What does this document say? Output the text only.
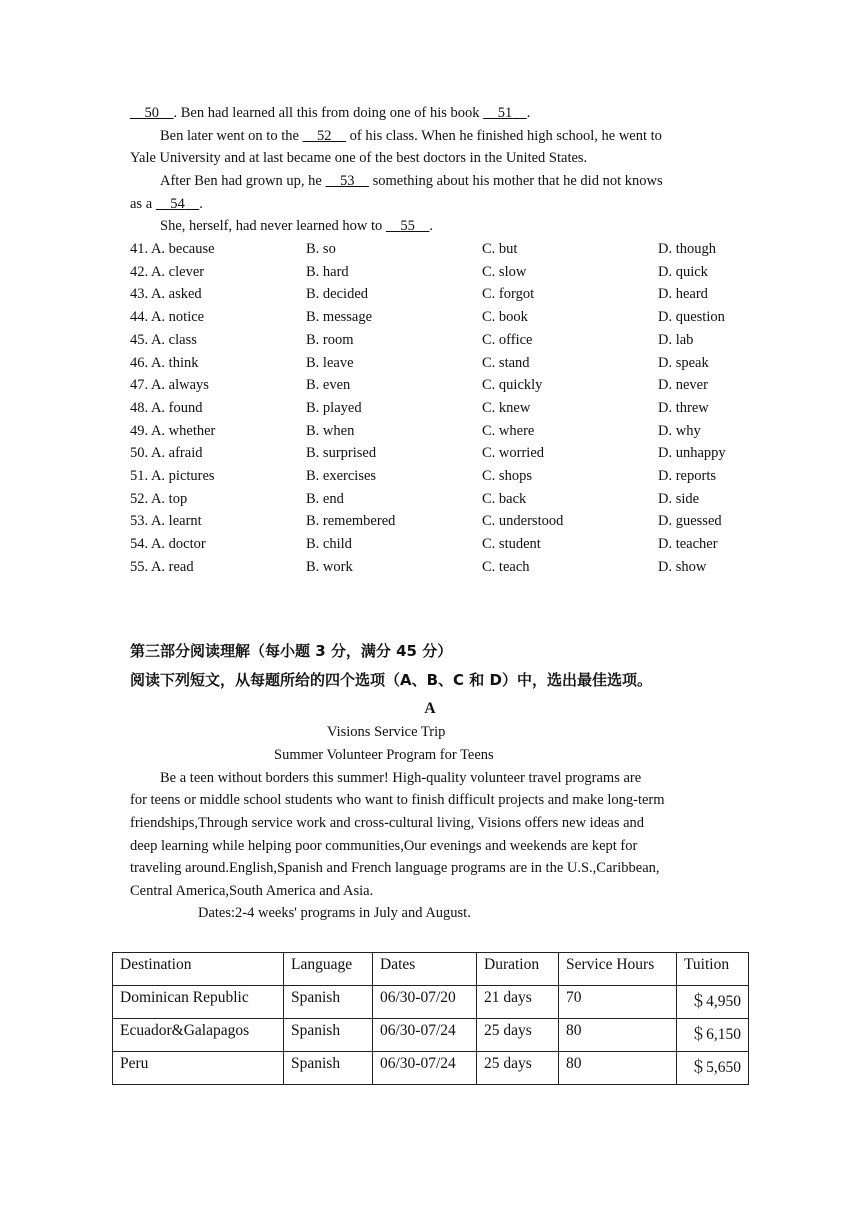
50 . Ben had learned all this from doing one of his book     51 .
Ben later went on to the     52     of his class. When he finished high school, he went to
Yale University and at last became one of the best doctors in the United States.
After Ben had grown up, he     53     something about his mother that he did not knows
as a     54 .
She, herself, had never learned how to     55 .
41. A. because	B. so	C. but	D. though
42. A. clever	B. hard	C. slow	D. quick
43. A. asked	B. decided	C. forgot	D. heard
44. A. notice	B. message	C. book	D. question
45. A. class	B. room	C. office	D. lab
46. A. think	B. leave	C. stand	D. speak
47. A. always	B. even	C. quickly	D. never
48. A. found	B. played	C. knew	D. threw
49. A. whether	B. when	C. where	D. why
50. A. afraid	B. surprised	C. worried	D. unhappy
51. A. pictures	B. exercises	C. shops	D. reports
52. A. top	B. end	C. back	D. side
53. A. learnt	B. remembered	C. understood	D. guessed
54. A. doctor	B. child	C. student	D. teacher
55. A. read	B. work	C. teach	D. show
第三部分阅读理解（每小题 3 分，满分 45 分）
阅读下列短文，从每题所给的四个选项（A、B、C 和 D）中，选出最佳选项。
A
Visions Service Trip
Summer Volunteer Program for Teens
Be a teen without borders this summer! High-quality volunteer travel programs are
for teens or middle school students who want to finish difficult projects and make long-term
friendships,Through service work and cross-cultural living, Visions offers new ideas and
deep learning while helping poor communities,Our evenings and weekends are kept for
traveling around.English,Spanish and French language programs are in the U.S.,Caribbean,
Central America,South America and Asia.
Dates:2-4 weeks' programs in July and August.
Destination	Language	Dates	Duration	Service Hours	Tuition
Dominican Republic	Spanish	06/30-07/20	21 days	70	＄4,950
Ecuador&Galapagos	Spanish	06/30-07/24	25 days	80	＄6,150
Peru	Spanish	06/30-07/24	25 days	80	＄5,650
